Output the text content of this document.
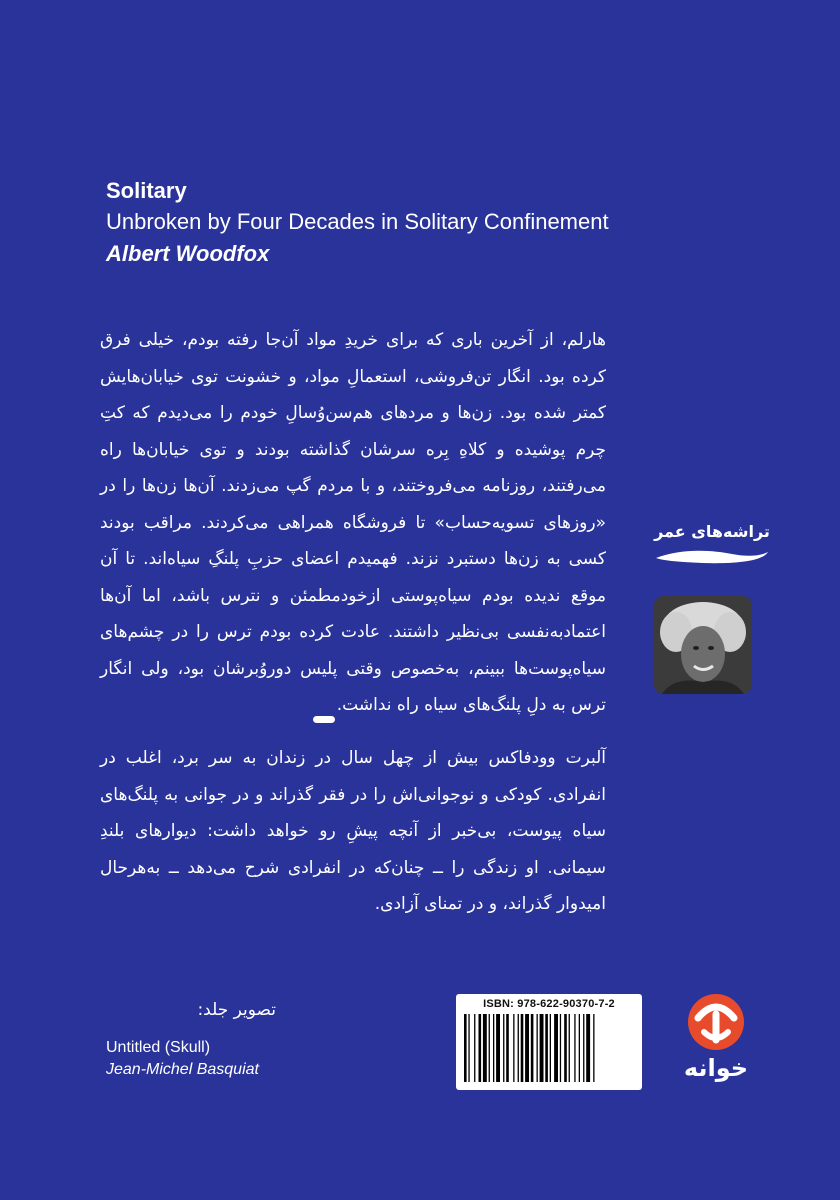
Solitary
Unbroken by Four Decades in Solitary Confinement
Albert Woodfox
هارلم، از آخرین باری که برای خریدِ مواد آن‌جا رفته بودم، خیلی فرق کرده بود. انگار تن‌فروشی، استعمالِ مواد، و خشونت توی خیابان‌هایش کمتر شده بود. زن‌ها و مردهای هم‌سن‌وُسالِ خودم را می‌دیدم که کتِ چرم پوشیده و کلاهِ بِره سرشان گذاشته بودند و توی خیابان‌ها راه می‌رفتند، روزنامه می‌فروختند، و با مردم گپ می‌زدند. آن‌ها زن‌ها را در «روزهای تسویه‌حساب» تا فروشگاه همراهی می‌کردند. مراقب بودند کسی به زن‌ها دستبرد نزند. فهمیدم اعضای حزبِ پلنگِ سیاه‌اند. تا آن موقع ندیده بودم سیاه‌پوستی ازخودمطمئن و نترس باشد، اما آن‌ها اعتمادبه‌نفسی بی‌نظیر داشتند. عادت کرده بودم ترس را در چشم‌های سیاه‌پوست‌ها ببینم، به‌خصوص وقتی پلیس دوروُبرشان بود، ولی انگار ترس به دلِ پلنگ‌های سیاه راه نداشت.
آلبرت وودفاکس بیش از چهل سال در زندان به سر برد، اغلب در انفرادی. کودکی و نوجوانی‌اش را در فقر گذراند و در جوانی به پلنگ‌های سیاه پیوست، بی‌خبر از آنچه پیشِ رو خواهد داشت: دیوارهای بلندِ سیمانی. او زندگی را ــ چنان‌که در انفرادی شرح می‌دهد ــ به‌هرحال امیدوار گذراند، و در تمنای آزادی.
تراشه‌های عمر
تصویر جلد:
Untitled (Skull)
Jean-Michel Basquiat
ISBN: 978-622-90370-7-2
خوانه
